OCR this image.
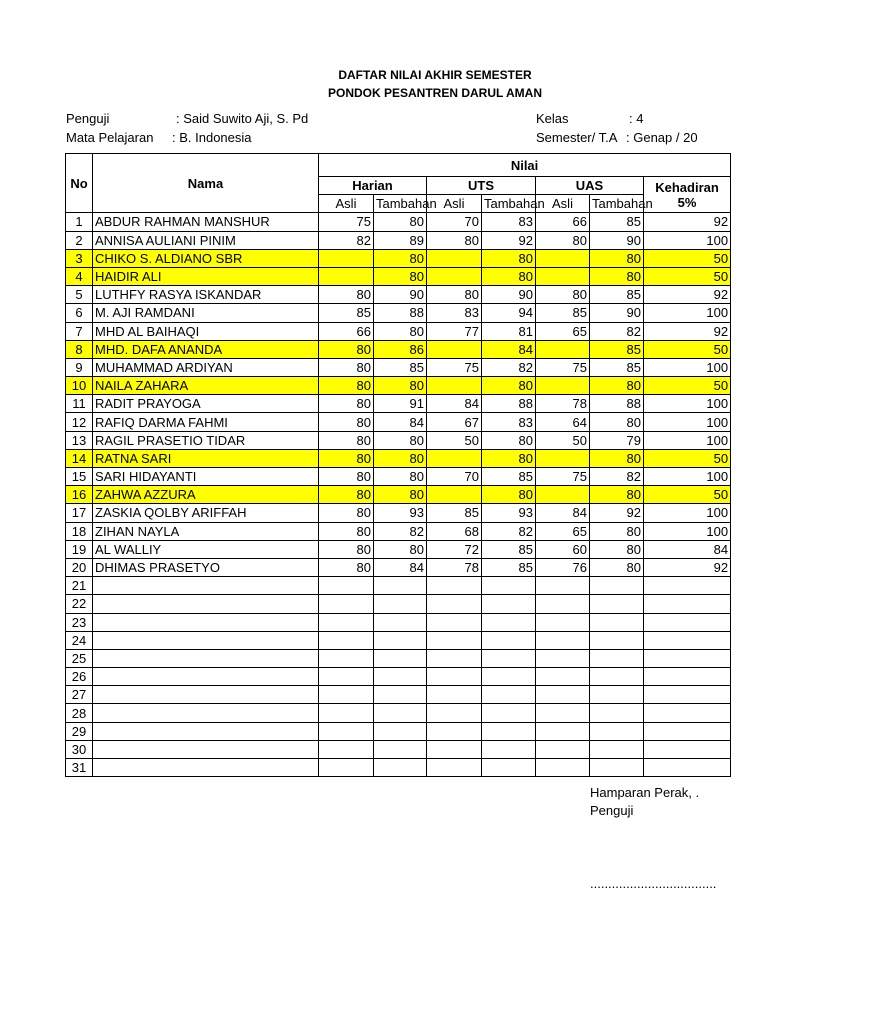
DAFTAR NILAI AKHIR SEMESTER
PONDOK PESANTREN DARUL AMAN
Penguji	: Said Suwito Aji, S. Pd
Mata Pelajaran : B. Indonesia
Kelas	: 4
Semester/ T.A : Genap / 20
No	Nama	Nilai						
		Harian		UTS		UAS		Kehadiran
5%
		Asli	Tambahan	Asli	Tambahan	Asli	Tambahan	
1	ABDUR RAHMAN MANSHUR	75	80	70	83	66	85	92
2	ANNISA AULIANI PINIM	82	89	80	92	80	90	100
3	CHIKO S. ALDIANO SBR		80		80		80	50
4	HAIDIR ALI		80		80		80	50
5	LUTHFY RASYA ISKANDAR	80	90	80	90	80	85	92
6	M. AJI RAMDANI	85	88	83	94	85	90	100
7	MHD AL BAIHAQI	66	80	77	81	65	82	92
8	MHD. DAFA ANANDA	80	86		84		85	50
9	MUHAMMAD ARDIYAN	80	85	75	82	75	85	100
10	NAILA ZAHARA	80	80		80		80	50
11	RADIT PRAYOGA	80	91	84	88	78	88	100
12	RAFIQ DARMA FAHMI	80	84	67	83	64	80	100
13	RAGIL PRASETIO TIDAR	80	80	50	80	50	79	100
14	RATNA SARI	80	80		80		80	50
15	SARI HIDAYANTI	80	80	70	85	75	82	100
16	ZAHWA AZZURA	80	80		80		80	50
17	ZASKIA QOLBY ARIFFAH	80	93	85	93	84	92	100
18	ZIHAN NAYLA	80	82	68	82	65	80	100
19	AL WALLIY	80	80	72	85	60	80	84
20	DHIMAS PRASETYO	80	84	78	85	76	80	92
21								
22								
23								
24								
25								
26								
27								
28								
29								
30								
31								
Hamparan Perak, .
Penguji
...................................
